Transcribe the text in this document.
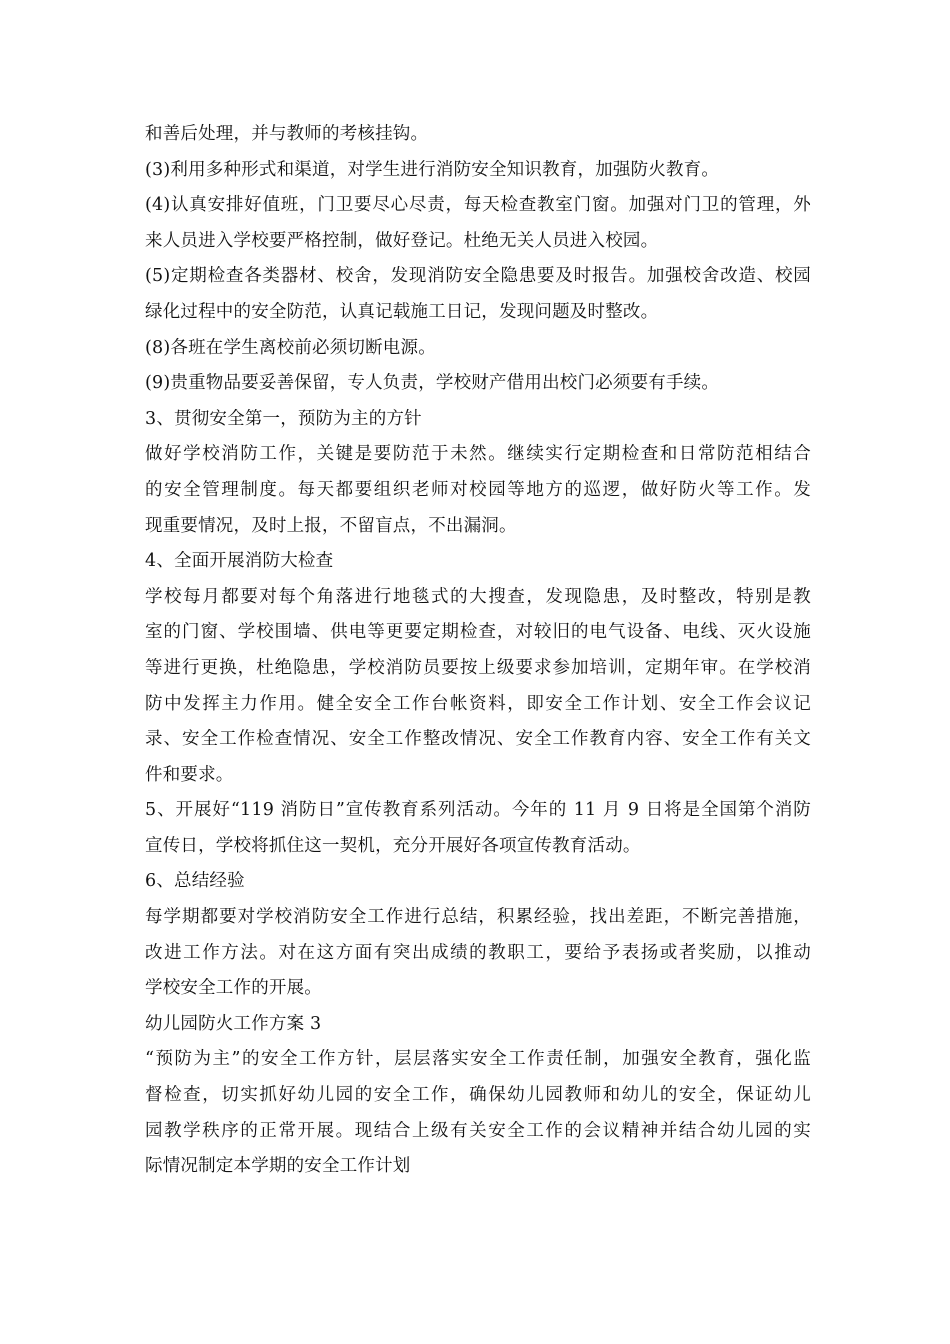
和善后处理，并与教师的考核挂钩。
(3)利用多种形式和渠道，对学生进行消防安全知识教育，加强防火教育。
(4)认真安排好值班，门卫要尽心尽责，每天检查教室门窗。加强对门卫的管理，外
来人员进入学校要严格控制，做好登记。杜绝无关人员进入校园。
(5)定期检查各类器材、校舍，发现消防安全隐患要及时报告。加强校舍改造、校园
绿化过程中的安全防范，认真记载施工日记，发现问题及时整改。
(8)各班在学生离校前必须切断电源。
(9)贵重物品要妥善保留，专人负责，学校财产借用出校门必须要有手续。
3、贯彻安全第一，预防为主的方针
做好学校消防工作，关键是要防范于未然。继续实行定期检查和日常防范相结合
的安全管理制度。每天都要组织老师对校园等地方的巡逻，做好防火等工作。发
现重要情况，及时上报，不留盲点，不出漏洞。
4、全面开展消防大检查
学校每月都要对每个角落进行地毯式的大搜查，发现隐患，及时整改，特别是教
室的门窗、学校围墙、供电等更要定期检查，对较旧的电气设备、电线、灭火设施
等进行更换，杜绝隐患，学校消防员要按上级要求参加培训，定期年审。在学校消
防中发挥主力作用。健全安全工作台帐资料，即安全工作计划、安全工作会议记
录、安全工作检查情况、安全工作整改情况、安全工作教育内容、安全工作有关文
件和要求。
5、开展好“119 消防日”宣传教育系列活动。今年的 11 月 9 日将是全国第个消防
宣传日，学校将抓住这一契机，充分开展好各项宣传教育活动。
6、总结经验
每学期都要对学校消防安全工作进行总结，积累经验，找出差距，不断完善措施，
改进工作方法。对在这方面有突出成绩的教职工，要给予表扬或者奖励，以推动
学校安全工作的开展。
幼儿园防火工作方案 3
“预防为主”的安全工作方针，层层落实安全工作责任制，加强安全教育，强化监
督检查，切实抓好幼儿园的安全工作，确保幼儿园教师和幼儿的安全，保证幼儿
园教学秩序的正常开展。现结合上级有关安全工作的会议精神并结合幼儿园的实
际情况制定本学期的安全工作计划
